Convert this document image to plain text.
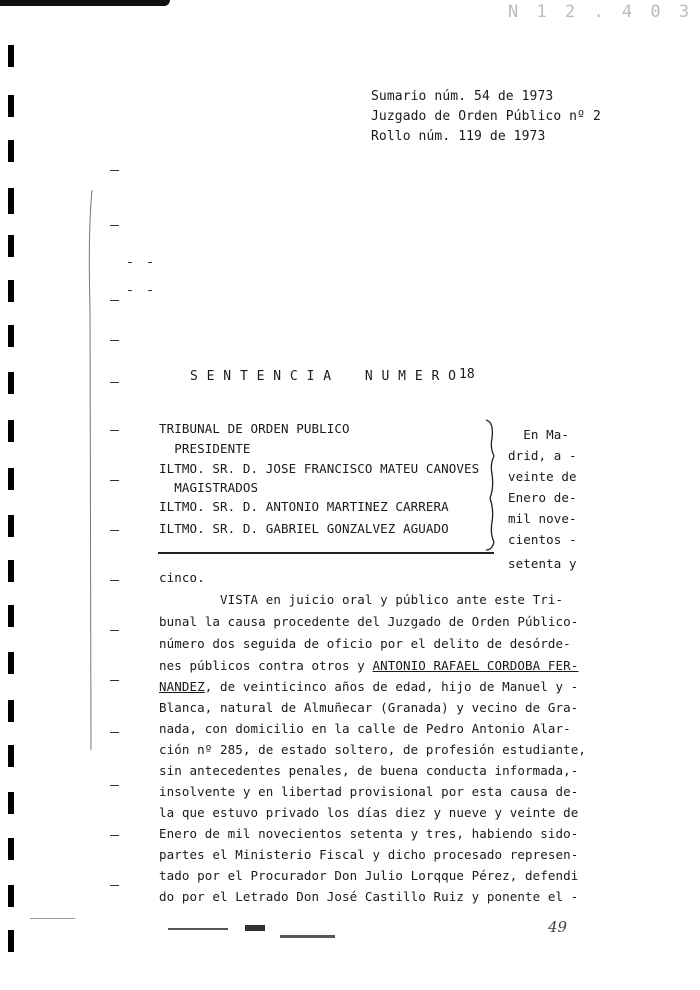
N 1 2 . 4 0 3
Sumario núm. 54 de 1973
Juzgado de Orden Público nº 2
Rollo núm. 119 de 1973
S E N T E N C I A    N U M E R O 18
TRIBUNAL DE ORDEN PUBLICO
PRESIDENTE
ILTMO. SR. D. JOSE FRANCISCO MATEU CANOVES
MAGISTRADOS
ILTMO. SR. D. ANTONIO MARTINEZ CARRERA
ILTMO. SR. D. GABRIEL GONZALVEZ AGUADO
En Ma-
drid, a -
veinte de
Enero de-
mil nove-
cientos -
setenta y
cinco.
VISTA en juicio oral y público ante este Tri-
bunal la causa procedente del Juzgado de Orden Público-
número dos seguida de oficio por el delito de desórde-
nes públicos contra otros y ANTONIO RAFAEL CORDOBA FER-
NANDEZ, de veinticinco años de edad, hijo de Manuel y -
Blanca, natural de Almuñecar (Granada) y vecino de Gra-
nada, con domicilio en la calle de Pedro Antonio Alar-
ción nº 285, de estado soltero, de profesión estudiante,
sin antecedentes penales, de buena conducta informada,-
insolvente y en libertad provisional por esta causa de-
la que estuvo privado los días diez y nueve y veinte de
Enero de mil novecientos setenta y tres, habiendo sido-
partes el Ministerio Fiscal y dicho procesado represen-
tado por el Procurador Don Julio Lorqque Pérez, defendi
do por el Letrado Don José Castillo Ruiz y ponente el -
49
